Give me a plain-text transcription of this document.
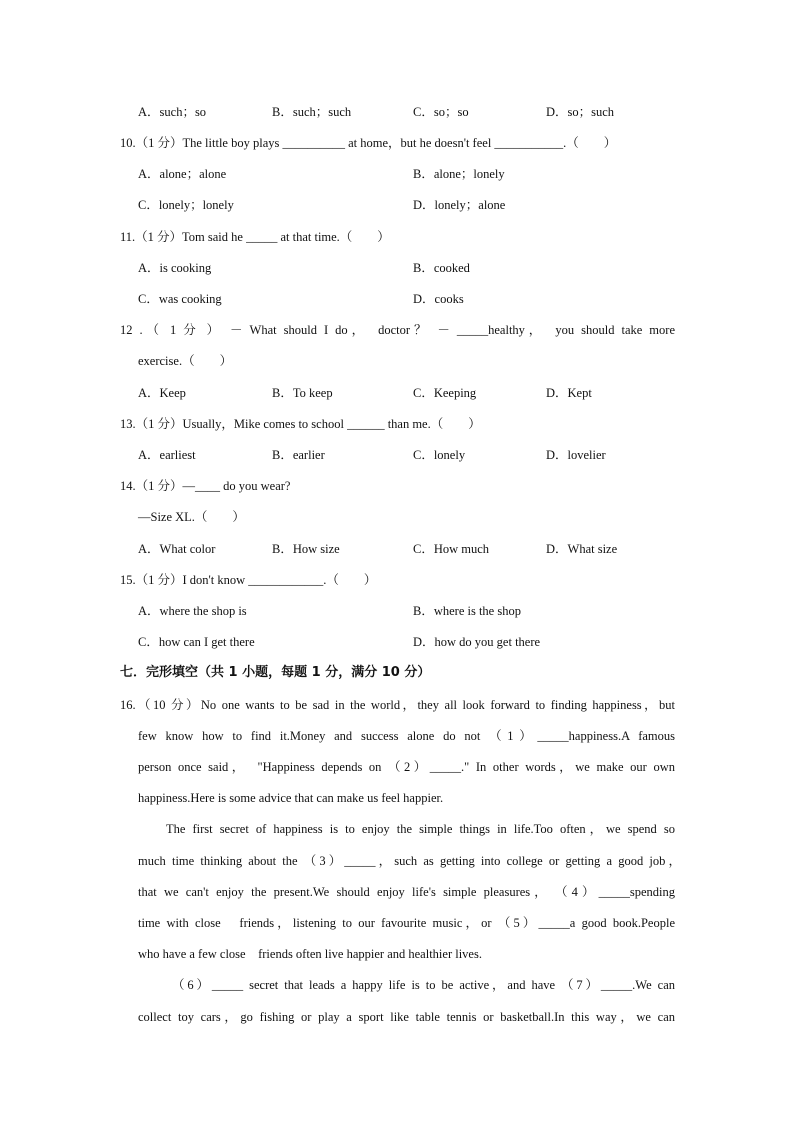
A．such；so	B．such；such	C．so；so	D．so；such
10.（1 分）The little boy plays __________ at home，but he doesn't feel ___________.（　　）
A．alone；alone	B．alone；lonely
C．lonely；lonely	D．lonely；alone
11.（1 分）Tom said he _____ at that time.（　　）
A．is cooking	B．cooked
C．was cooking	D．cooks
12 .（ 1 分 ） － What should I do，　doctor？ － _____healthy，　you should take more
exercise.（　　）
A．Keep	B．To keep	C．Keeping	D．Kept
13.（1 分）Usually，Mike comes to school ______ than me.（　　）
A．earliest	B．earlier	C．lonely	D．lovelier
14.（1 分）—____ do you wear?
—Size XL.（　　）
A．What color	B．How size	C．How much	D．What size
15.（1 分）I don't know ____________.（　　）
A．where the shop is	B．where is the shop
C．how can I get there	D．how do you get there
七．完形填空（共 1 小题，每题 1 分，满分 10 分）
16.（10 分）No one wants to be sad in the world，they all look forward to finding happiness，but
few know how to find it.Money and success alone do not （1）_____happiness.A famous
person once said，　"Happiness depends on （2）_____." In other words，we make our own
happiness.Here is some advice that can make us feel happier.
The first secret of happiness is to enjoy the simple things in life.Too often，we spend so
much time thinking about the （3）_____，such as getting into college or getting a good job，
that we can't enjoy the present.We should enjoy life's simple pleasures，　（4）_____spending
time with close　friends，listening to our favourite music，or （5）_____a good book.People
who have a few close　friends often live happier and healthier lives.
（6）_____ secret that leads a happy life is to be active，and have （7）_____.We can
collect toy cars，go fishing or play a sport like table tennis or basketball.In this way，we can
